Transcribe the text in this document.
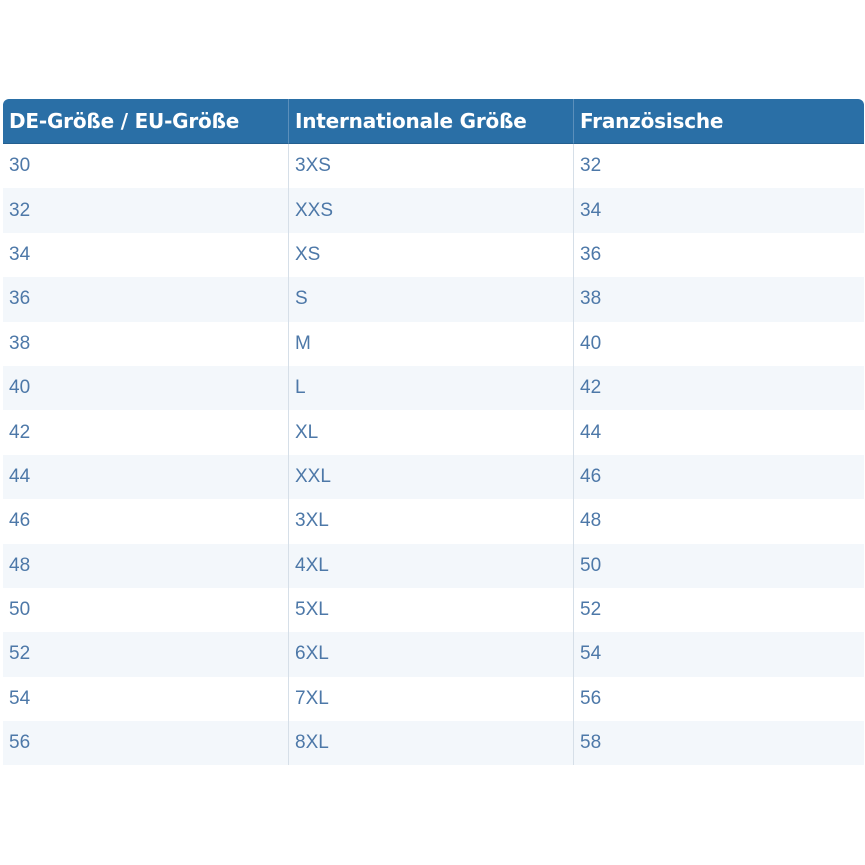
DE-Größe / EU-Größe	Internationale Größe	Französische
30	3XS	32
32	XXS	34
34	XS	36
36	S	38
38	M	40
40	L	42
42	XL	44
44	XXL	46
46	3XL	48
48	4XL	50
50	5XL	52
52	6XL	54
54	7XL	56
56	8XL	58
